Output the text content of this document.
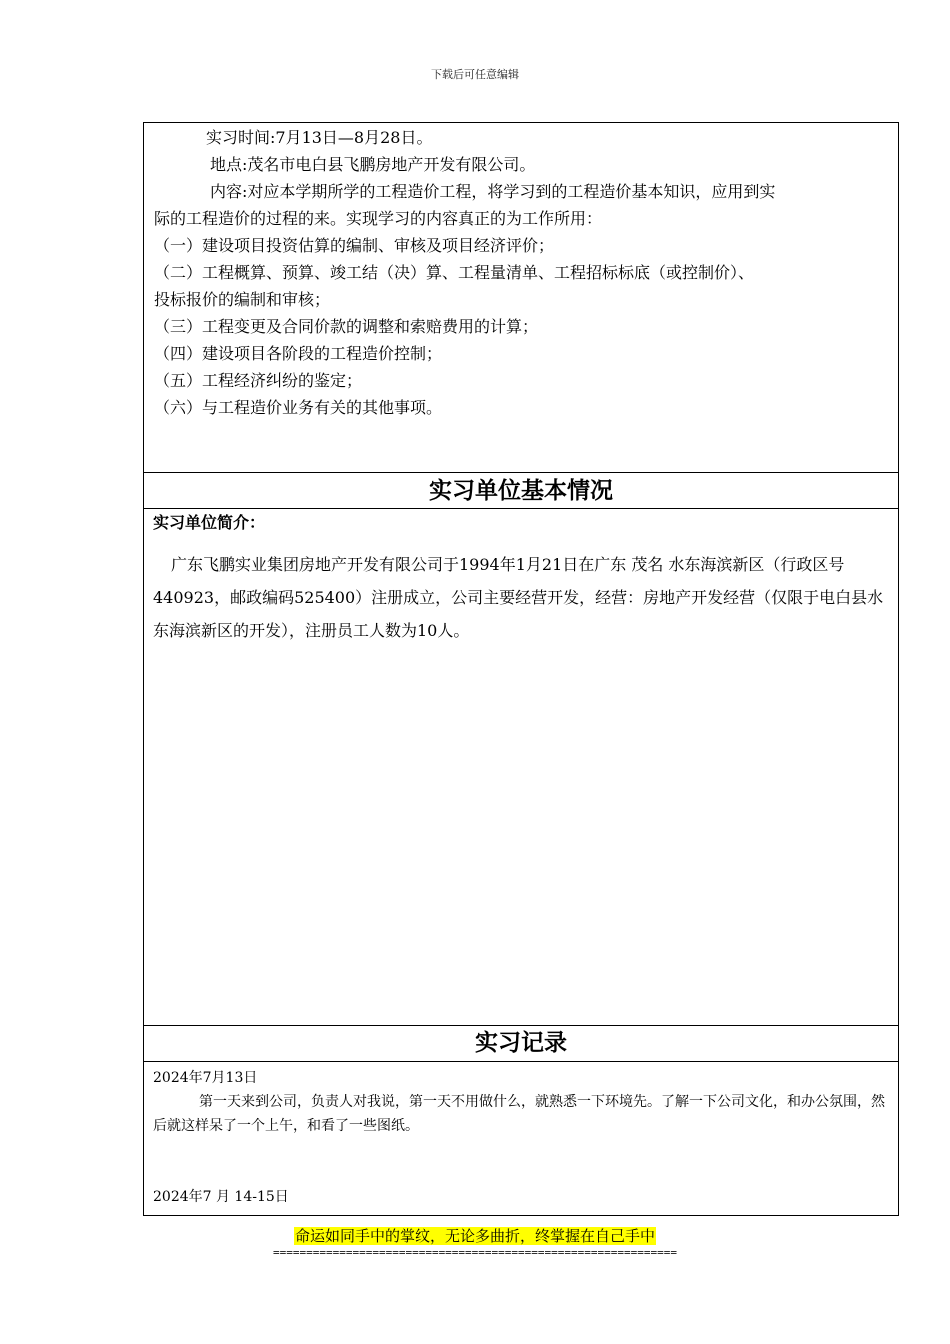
下载后可任意编辑

实习时间:7月13日—8月28日。

地点:茂名市电白县飞鹏房地产开发有限公司。

内容:对应本学期所学的工程造价工程，将学习到的工程造价基本知识，应用到实

际的工程造价的过程的来。实现学习的内容真正的为工作所用：

（一）建设项目投资估算的编制、审核及项目经济评价；

（二）工程概算、预算、竣工结（决）算、工程量清单、工程招标标底（或控制价）、

投标报价的编制和审核；

（三）工程变更及合同价款的调整和索赔费用的计算；

（四）建设项目各阶段的工程造价控制；

（五）工程经济纠纷的鉴定；

（六）与工程造价业务有关的其他事项。

实习单位基本情况

实习单位简介：

广东飞鹏实业集团房地产开发有限公司于1994年1月21日在广东 茂名 水东海滨新区（行政区号440923，邮政编码525400）注册成立，公司主要经营开发，经营：房地产开发经营（仅限于电白县水东海滨新区的开发），注册员工人数为10人。

实习记录

2024年7月13日

第一天来到公司，负责人对我说，第一天不用做什么，就熟悉一下环境先。了解一下公司文化，和办公氛围，然后就这样呆了一个上午，和看了一些图纸。

2024年7 月 14-15日

命运如同手中的掌纹，无论多曲折，终掌握在自己手中
=============================================================
